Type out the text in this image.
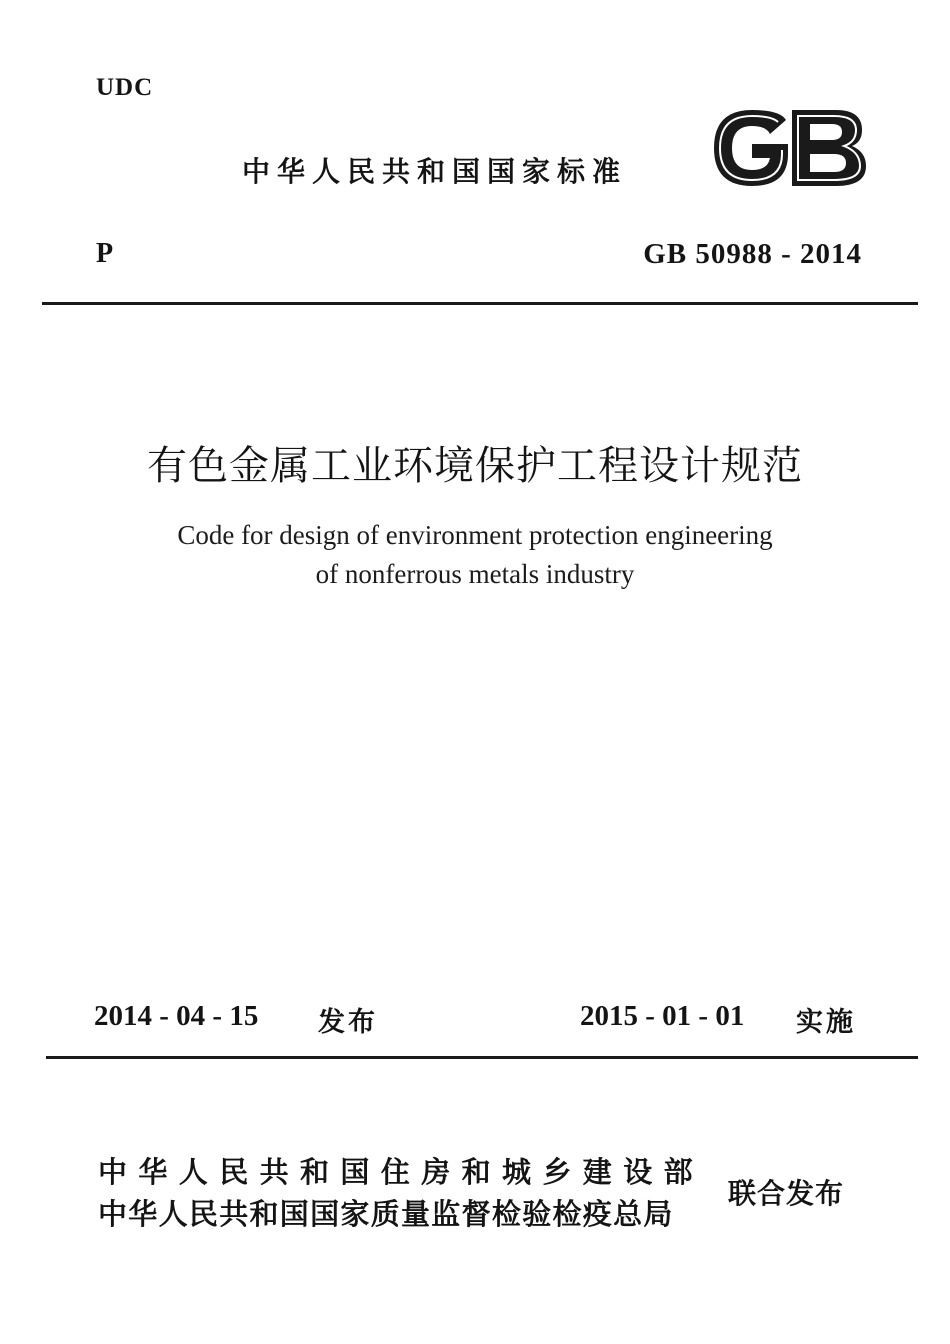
UDC
中华人民共和国国家标准
P	GB 50988 - 2014
有色金属工业环境保护工程设计规范
Code for design of environment protection engineering
of nonferrous metals industry
2014 - 04 - 15 发布	2015 - 01 - 01 实施
中华人民共和国住房和城乡建设部
中华人民共和国国家质量监督检验检疫总局
联合发布
